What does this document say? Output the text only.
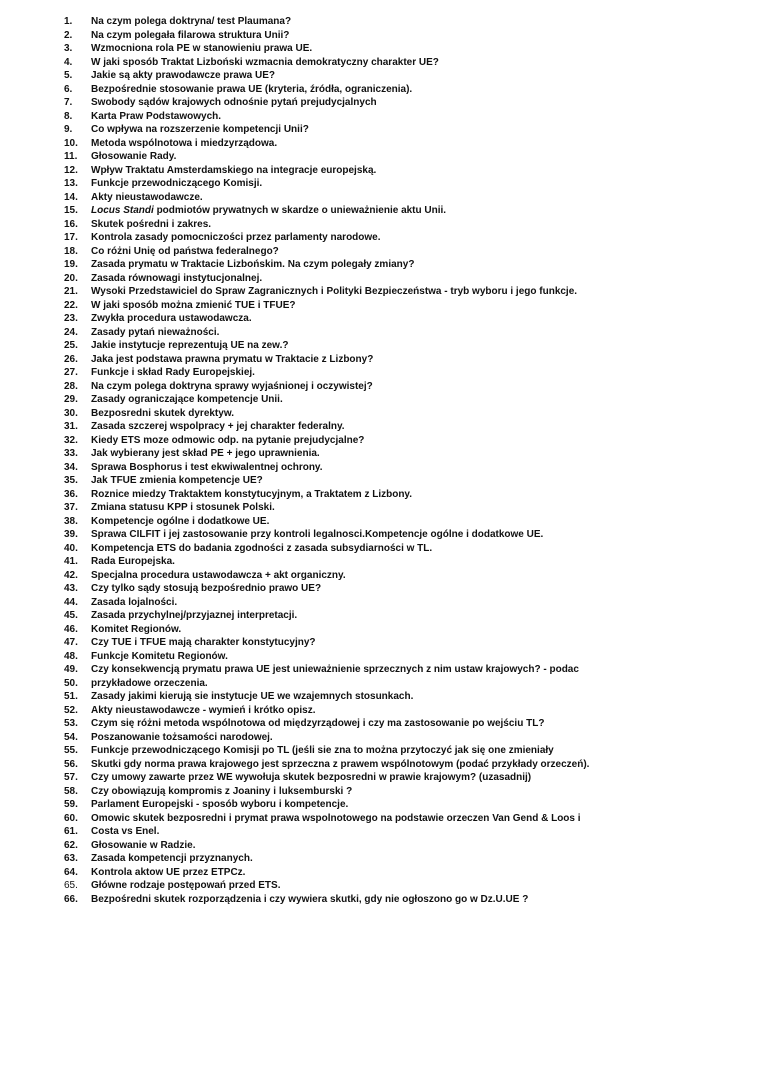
1.	Na czym polega doktryna/ test Plaumana?
2.	Na czym polegała filarowa struktura Unii?
3.	Wzmocniona rola PE w stanowieniu prawa UE.
4.	W jaki sposób Traktat Lizboński wzmacnia demokratyczny charakter UE?
5.	Jakie są akty prawodawcze prawa UE?
6.	Bezpośrednie stosowanie prawa UE (kryteria, źródła, ograniczenia).
7.	Swobody sądów krajowych odnośnie pytań prejudycjalnych
8.	Karta Praw Podstawowych.
9.	Co wpływa na rozszerzenie kompetencji Unii?
10.	Metoda wspólnotowa i miedzyrządowa.
11.	Głosowanie Rady.
12.	Wpływ Traktatu Amsterdamskiego na integracje europejską.
13.	Funkcje przewodniczącego Komisji.
14.	Akty nieustawodawcze.
15.	Locus Standi podmiotów prywatnych w skardze o unieważnienie aktu Unii.
16.	Skutek pośredni i zakres.
17.	Kontrola zasady pomocniczości przez parlamenty narodowe.
18.	Co różni Unię od państwa federalnego?
19.	Zasada prymatu w Traktacie Lizbońskim. Na czym polegały zmiany?
20.	Zasada równowagi instytucjonalnej.
21.	Wysoki Przedstawiciel do Spraw Zagranicznych i Polityki Bezpieczeństwa - tryb wyboru i jego funkcje.
22.	W jaki sposób można zmienić TUE i TFUE?
23.	Zwykła procedura ustawodawcza.
24.	Zasady pytań nieważności.
25.	Jakie instytucje reprezentują UE na zew.?
26.	Jaka jest podstawa prawna prymatu w Traktacie z Lizbony?
27.	Funkcje i skład Rady Europejskiej.
28.	Na czym polega doktryna sprawy wyjaśnionej i oczywistej?
29.	Zasady ograniczające kompetencje Unii.
30.	Bezposredni skutek dyrektyw.
31.	Zasada szczerej wspolpracy + jej charakter federalny.
32.	Kiedy ETS moze odmowic odp. na pytanie prejudycjalne?
33.	Jak wybierany jest skład PE + jego uprawnienia.
34.	Sprawa Bosphorus i test ekwiwalentnej ochrony.
35.	Jak TFUE zmienia kompetencje UE?
36.	Roznice miedzy Traktaktem konstytucyjnym, a Traktatem z Lizbony.
37.	Zmiana statusu KPP i stosunek Polski.
38.	Kompetencje ogólne i dodatkowe UE.
39.	Sprawa CILFIT i jej zastosowanie przy kontroli legalnosci.Kompetencje ogólne i dodatkowe UE.
40.	Kompetencja ETS do badania zgodności z zasada subsydiarności w TL.
41.	Rada Europejska.
42.	Specjalna procedura ustawodawcza + akt organiczny.
43.	Czy tylko sądy stosują bezpośrednio prawo UE?
44.	Zasada lojalności.
45.	Zasada przychylnej/przyjaznej interpretacji.
46.	Komitet Regionów.
47.	Czy TUE i TFUE mają charakter konstytucyjny?
48.	Funkcje Komitetu Regionów.
49.	Czy konsekwencją prymatu prawa UE jest unieważnienie sprzecznych z nim ustaw krajowych? - podac
przykładowe orzeczenia.
50.
51.	Zasady jakimi kierują sie instytucje UE we wzajemnych stosunkach.
52.	Akty nieustawodawcze - wymień i krótko opisz.
53.	Czym się różni metoda wspólnotowa od międzyrządowej i czy ma zastosowanie po wejściu TL?
54.	Poszanowanie tożsamości narodowej.
55.	Funkcje przewodniczącego Komisji po TL (jeśli sie zna to można przytoczyć jak się one zmieniały
56.	Skutki gdy norma prawa krajowego jest sprzeczna z prawem wspólnotowym (podać przykłady orzeczeń).
57.	Czy umowy zawarte przez WE wywołuja skutek bezposredni w prawie krajowym? (uzasadnij)
58.	Czy obowiązują kompromis z Joaniny i luksemburski ?
59.	Parlament Europejski - sposób wyboru i kompetencje.
60.	Omowic skutek bezposredni i prymat prawa wspolnotowego na podstawie orzeczen Van Gend & Loos i
61.	Costa vs Enel.
62.	Głosowanie w Radzie.
63.	Zasada kompetencji przyznanych.
64.	Kontrola aktow UE przez ETPCz.
65.	Główne rodzaje postępowań przed ETS.
66.	Bezpośredni skutek rozporządzenia i czy wywiera skutki, gdy nie ogłoszono go w Dz.U.UE ?
